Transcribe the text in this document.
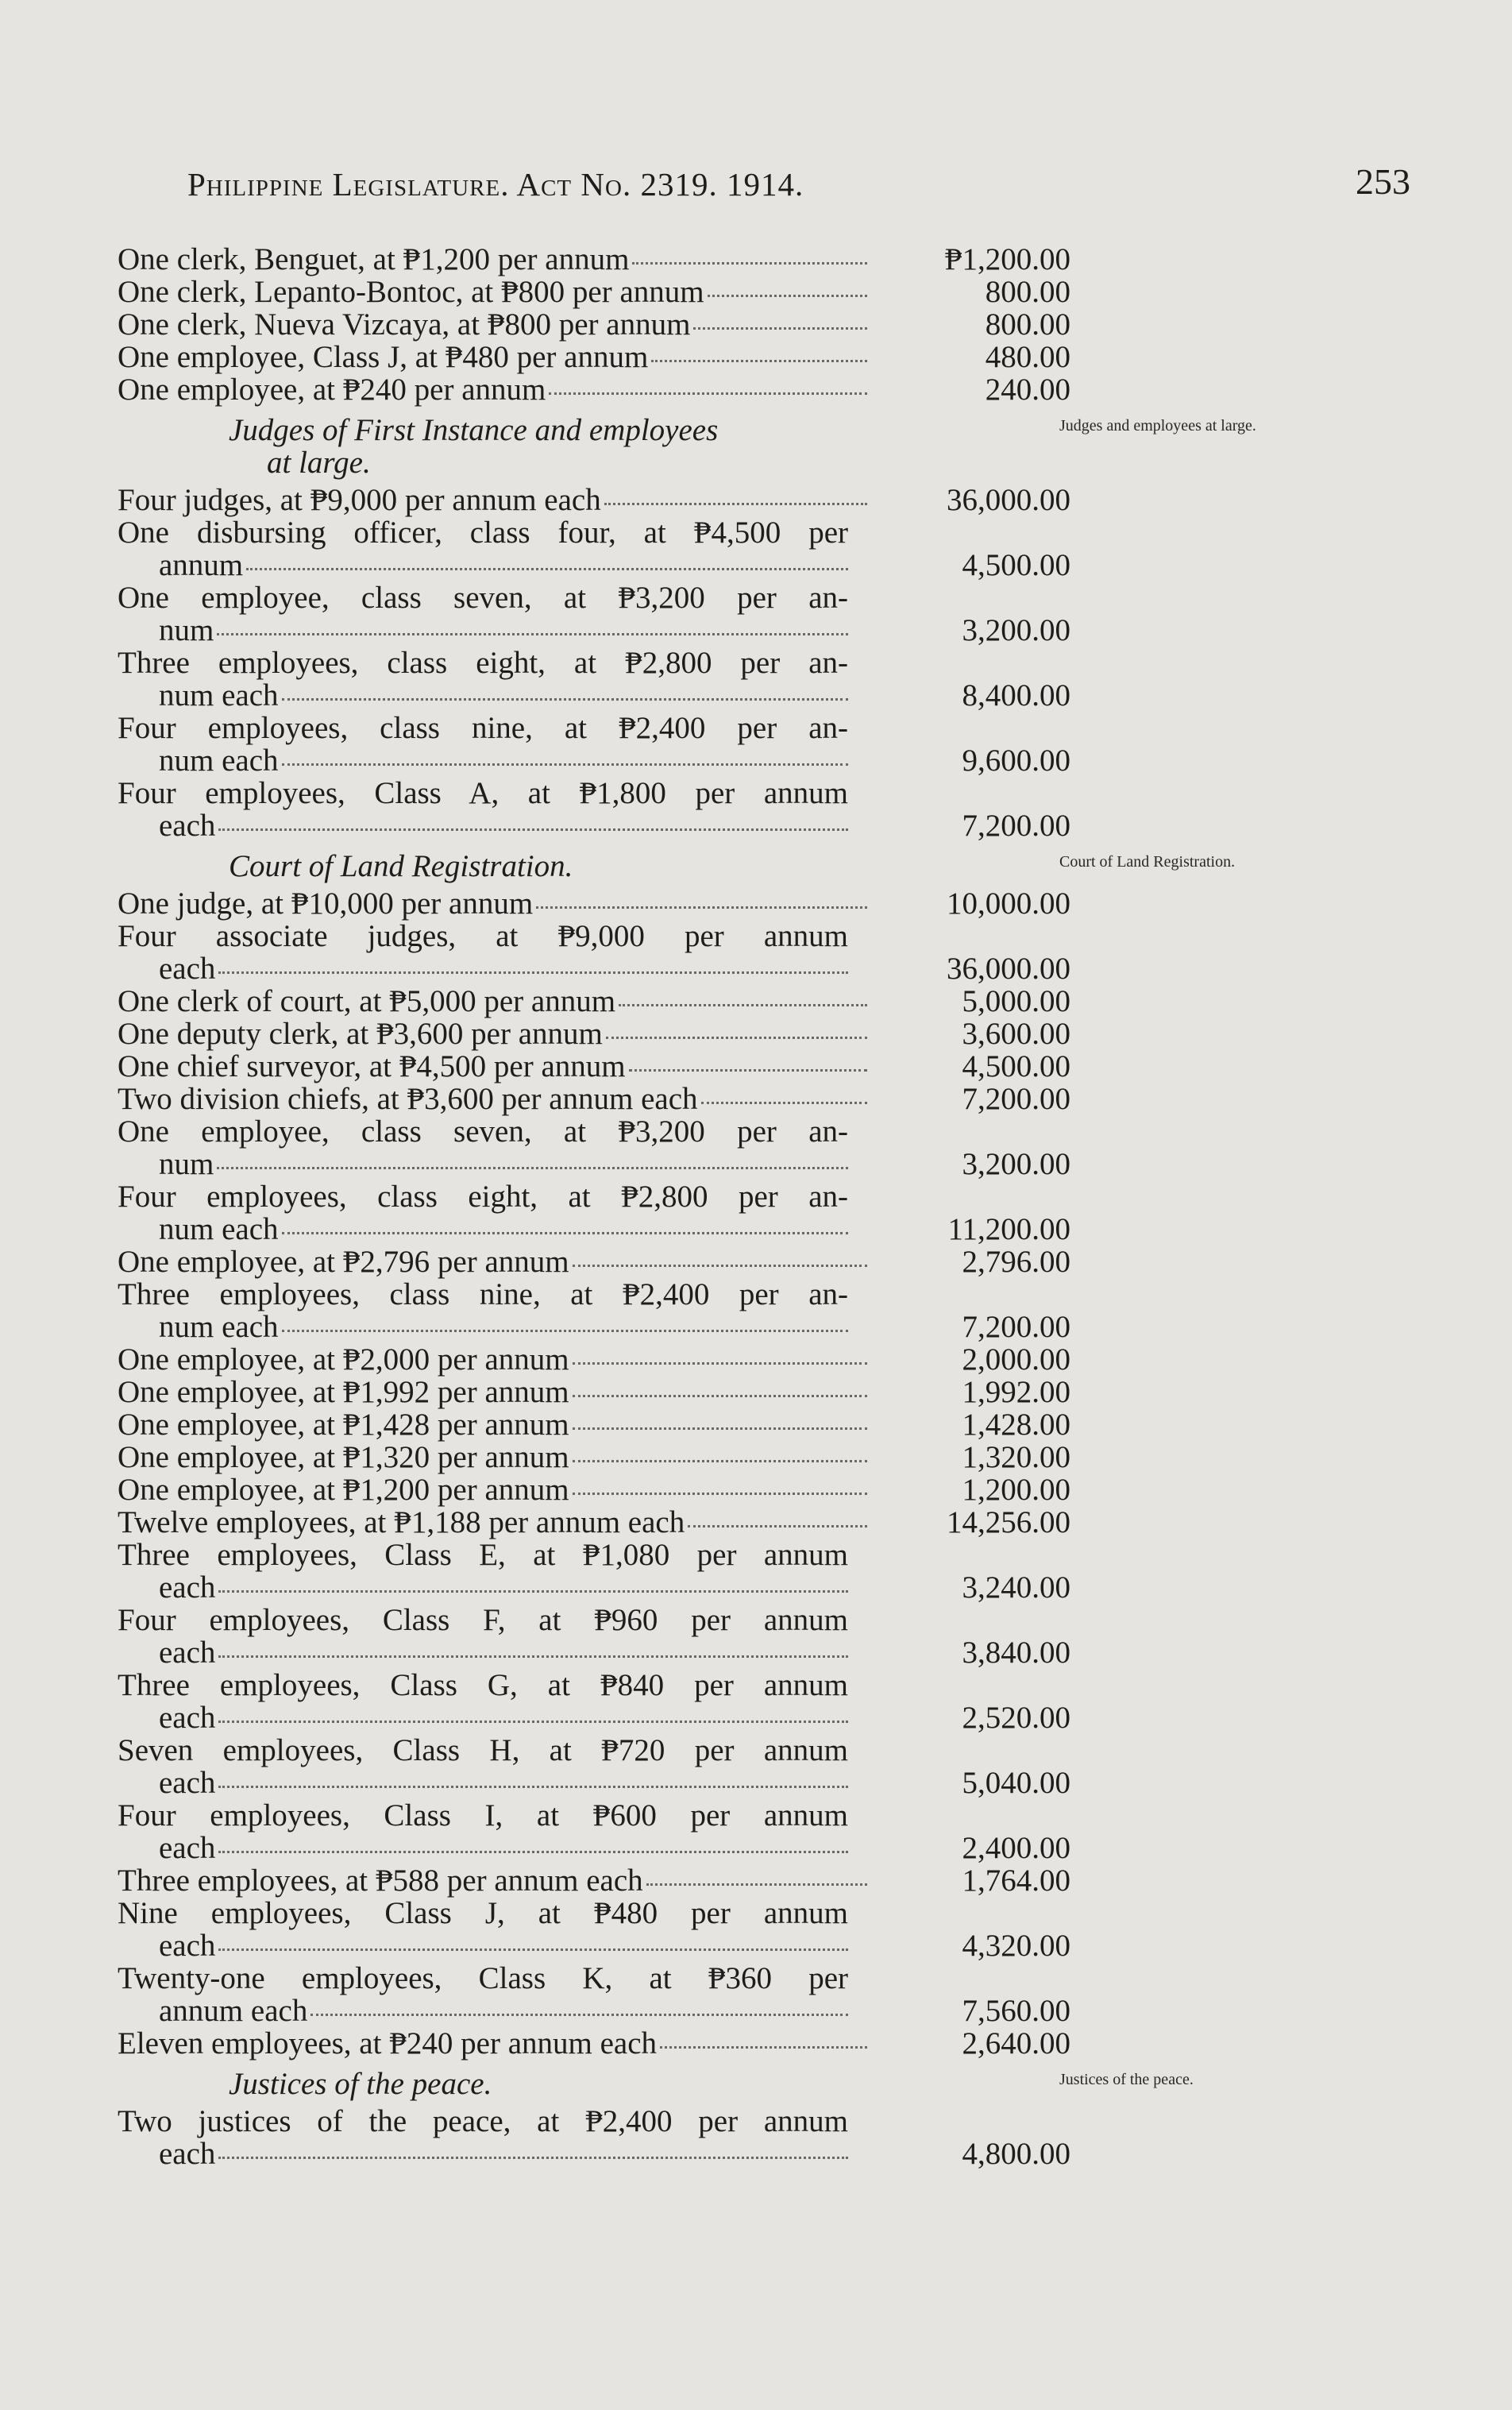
Philippine Legislature. Act No. 2319. 1914.	253
One clerk, Benguet, at ₱1,200 per annum	₱1,200.00
One clerk, Lepanto-Bontoc, at ₱800 per annum	800.00
One clerk, Nueva Vizcaya, at ₱800 per annum	800.00
One employee, Class J, at ₱480 per annum	480.00
One employee, at ₱240 per annum	240.00
Judges of First Instance and employees
at large.
Four judges, at ₱9,000 per annum each	36,000.00
One disbursing officer, class four, at ₱4,500 per
annum	4,500.00
One employee, class seven, at ₱3,200 per an-
num	3,200.00
Three employees, class eight, at ₱2,800 per an-
num each	8,400.00
Four employees, class nine, at ₱2,400 per an-
num each	9,600.00
Four employees, Class A, at ₱1,800 per annum
each	7,200.00
Court of Land Registration.
One judge, at ₱10,000 per annum	10,000.00
Four associate judges, at ₱9,000 per annum
each	36,000.00
One clerk of court, at ₱5,000 per annum	5,000.00
One deputy clerk, at ₱3,600 per annum	3,600.00
One chief surveyor, at ₱4,500 per annum	4,500.00
Two division chiefs, at ₱3,600 per annum each	7,200.00
One employee, class seven, at ₱3,200 per an-
num	3,200.00
Four employees, class eight, at ₱2,800 per an-
num each	11,200.00
One employee, at ₱2,796 per annum	2,796.00
Three employees, class nine, at ₱2,400 per an-
num each	7,200.00
One employee, at ₱2,000 per annum	2,000.00
One employee, at ₱1,992 per annum	1,992.00
One employee, at ₱1,428 per annum	1,428.00
One employee, at ₱1,320 per annum	1,320.00
One employee, at ₱1,200 per annum	1,200.00
Twelve employees, at ₱1,188 per annum each	14,256.00
Three employees, Class E, at ₱1,080 per annum
each	3,240.00
Four employees, Class F, at ₱960 per annum
each	3,840.00
Three employees, Class G, at ₱840 per annum
each	2,520.00
Seven employees, Class H, at ₱720 per annum
each	5,040.00
Four employees, Class I, at ₱600 per annum
each	2,400.00
Three employees, at ₱588 per annum each	1,764.00
Nine employees, Class J, at ₱480 per annum
each	4,320.00
Twenty-one employees, Class K, at ₱360 per
annum each	7,560.00
Eleven employees, at ₱240 per annum each	2,640.00
Justices of the peace.
Two justices of the peace, at ₱2,400 per annum
each	4,800.00
Judges and employees at large.
Court of Land Registration.
Justices of the peace.
